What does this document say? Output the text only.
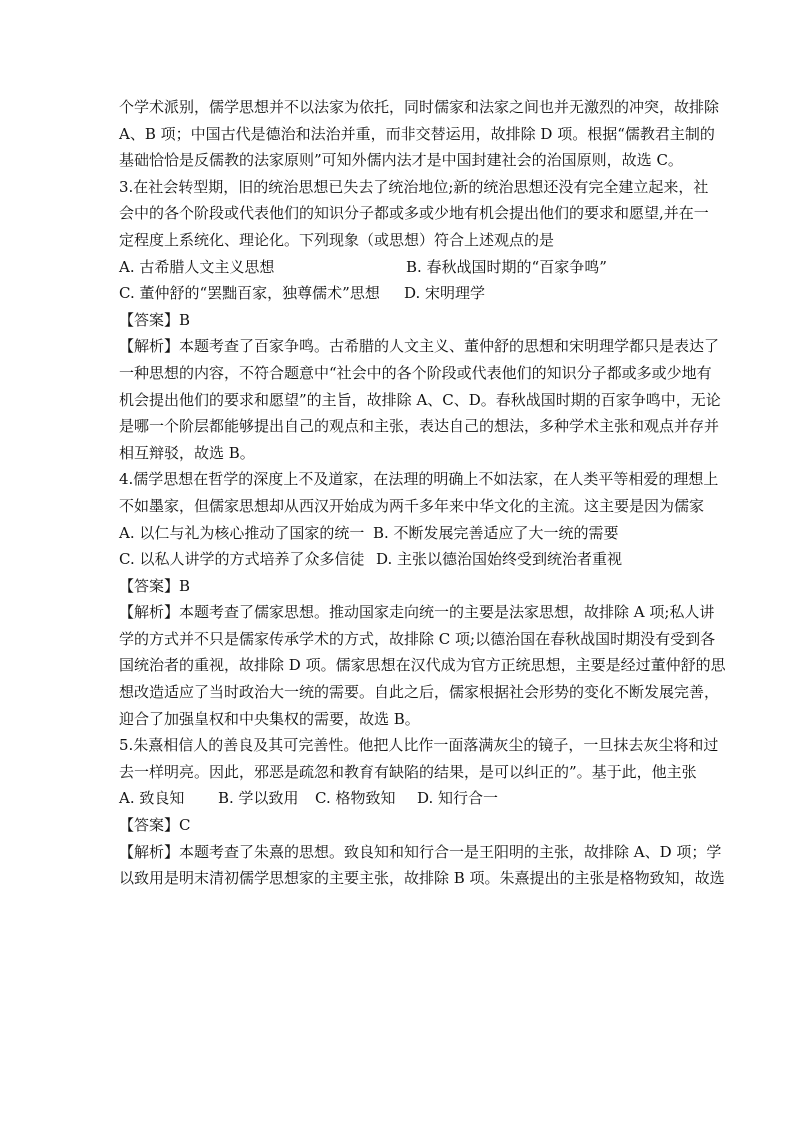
个学术派别，儒学思想并不以法家为依托，同时儒家和法家之间也并无激烈的冲突，故排除
A、B 项；中国古代是德治和法治并重，而非交替运用，故排除 D 项。根据“儒教君主制的
基础恰恰是反儒教的法家原则”可知外儒内法才是中国封建社会的治国原则，故选 C。
3.在社会转型期，旧的统治思想已失去了统治地位;新的统治思想还没有完全建立起来，社
会中的各个阶段或代表他们的知识分子都或多或少地有机会提出他们的要求和愿望,并在一
定程度上系统化、理论化。下列现象（或思想）符合上述观点的是
A. 古希腊人文主义思想	B. 春秋战国时期的“百家争鸣”
C. 董仲舒的“罢黜百家，独尊儒术”思想 D. 宋明理学
【答案】B
【解析】本题考查了百家争鸣。古希腊的人文主义、董仲舒的思想和宋明理学都只是表达了
一种思想的内容，不符合题意中“社会中的各个阶段或代表他们的知识分子都或多或少地有
机会提出他们的要求和愿望”的主旨，故排除 A、C、D。春秋战国时期的百家争鸣中，无论
是哪一个阶层都能够提出自己的观点和主张，表达自己的想法，多种学术主张和观点并存并
相互辩驳，故选 B。
4.儒学思想在哲学的深度上不及道家，在法理的明确上不如法家，在人类平等相爱的理想上
不如墨家，但儒家思想却从西汉开始成为两千多年来中华文化的主流。这主要是因为儒家
A. 以仁与礼为核心推动了国家的统一 B. 不断发展完善适应了大一统的需要
C. 以私人讲学的方式培养了众多信徒 D. 主张以德治国始终受到统治者重视
【答案】B
【解析】本题考查了儒家思想。推动国家走向统一的主要是法家思想，故排除 A 项;私人讲
学的方式并不只是儒家传承学术的方式，故排除 C 项;以德治国在春秋战国时期没有受到各
国统治者的重视，故排除 D 项。儒家思想在汉代成为官方正统思想，主要是经过董仲舒的思
想改造适应了当时政治大一统的需要。自此之后，儒家根据社会形势的变化不断发展完善，
迎合了加强皇权和中央集权的需要，故选 B。
5.朱熹相信人的善良及其可完善性。他把人比作一面落满灰尘的镜子，一旦抹去灰尘将和过
去一样明亮。因此，邪恶是疏忽和教育有缺陷的结果，是可以纠正的”。基于此，他主张
A. 致良知 B. 学以致用 C. 格物致知 D. 知行合一
【答案】C
【解析】本题考查了朱熹的思想。致良知和知行合一是王阳明的主张，故排除 A、D 项；学
以致用是明末清初儒学思想家的主要主张，故排除 B 项。朱熹提出的主张是格物致知，故选
